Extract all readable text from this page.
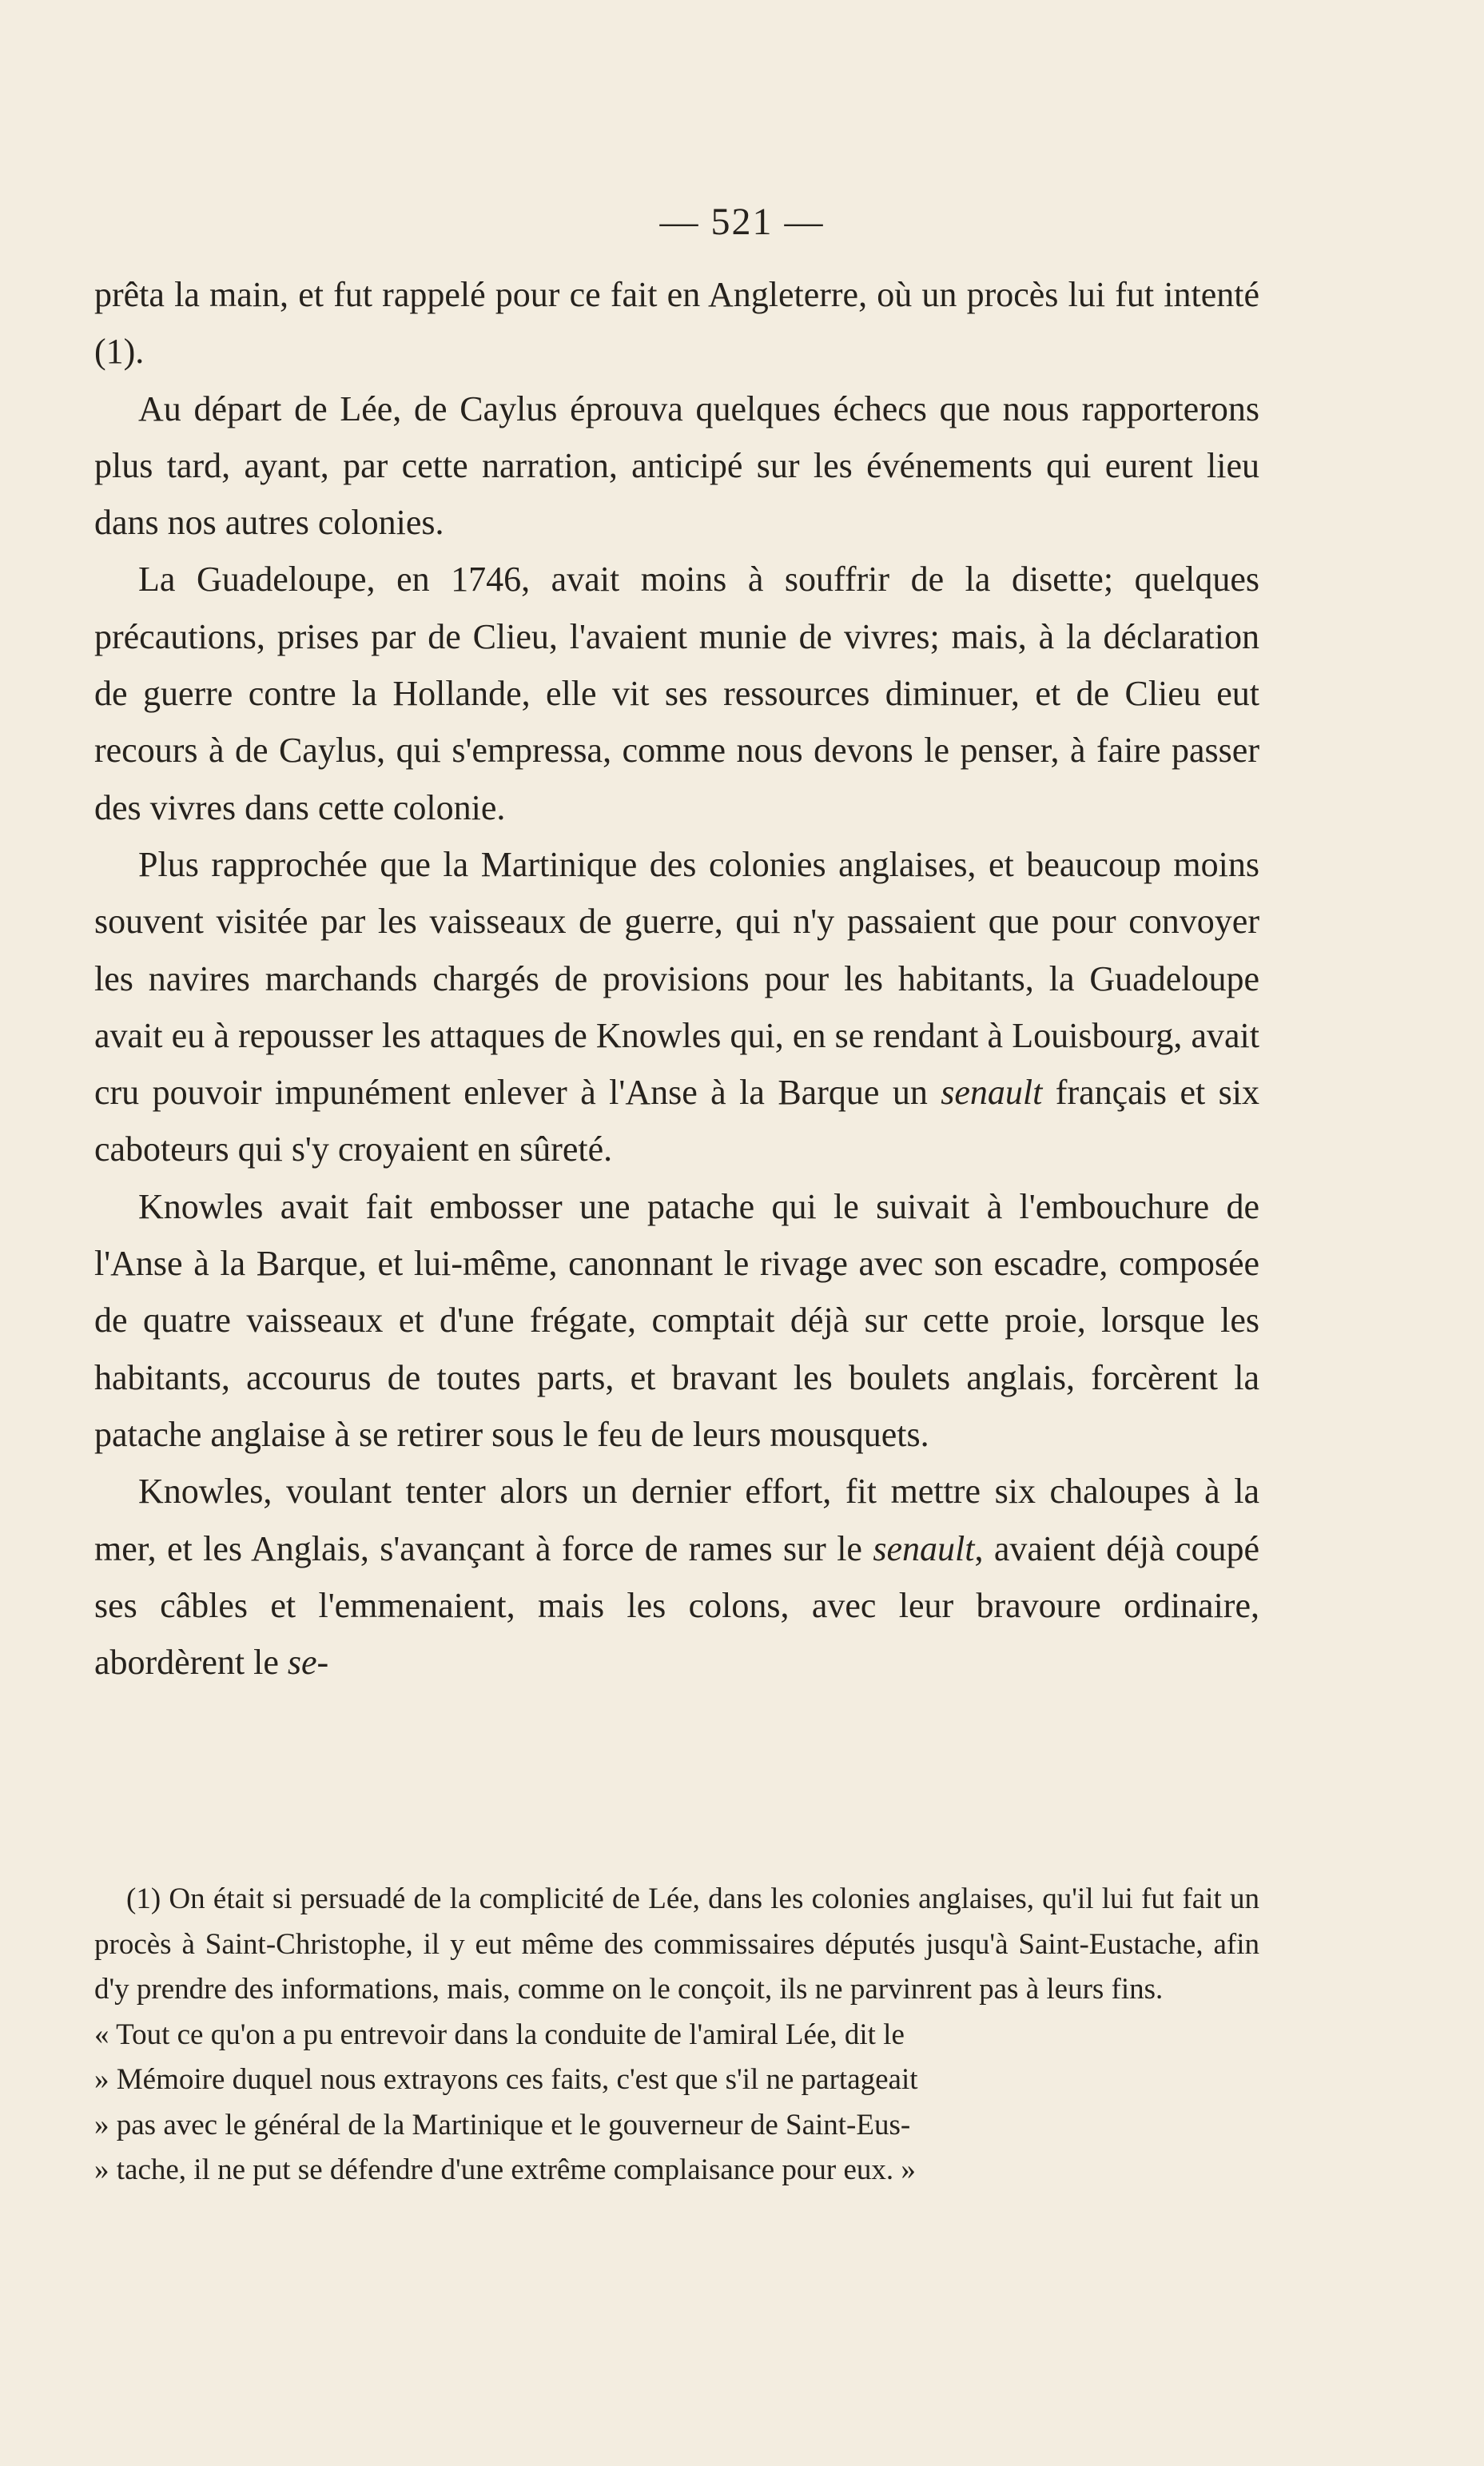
— 521 —

prêta la main, et fut rappelé pour ce fait en Angleterre, où un procès lui fut intenté (1).

Au départ de Lée, de Caylus éprouva quelques échecs que nous rapporterons plus tard, ayant, par cette narration, anticipé sur les événements qui eurent lieu dans nos autres colonies.

La Guadeloupe, en 1746, avait moins à souffrir de la disette; quelques précautions, prises par de Clieu, l'avaient munie de vivres; mais, à la déclaration de guerre contre la Hollande, elle vit ses ressources diminuer, et de Clieu eut recours à de Caylus, qui s'empressa, comme nous devons le penser, à faire passer des vivres dans cette colonie.

Plus rapprochée que la Martinique des colonies anglaises, et beaucoup moins souvent visitée par les vaisseaux de guerre, qui n'y passaient que pour convoyer les navires marchands chargés de provisions pour les habitants, la Guadeloupe avait eu à repousser les attaques de Knowles qui, en se rendant à Louisbourg, avait cru pouvoir impunément enlever à l'Anse à la Barque un senault français et six caboteurs qui s'y croyaient en sûreté.

Knowles avait fait embosser une patache qui le suivait à l'embouchure de l'Anse à la Barque, et lui-même, canonnant le rivage avec son escadre, composée de quatre vaisseaux et d'une frégate, comptait déjà sur cette proie, lorsque les habitants, accourus de toutes parts, et bravant les boulets anglais, forcèrent la patache anglaise à se retirer sous le feu de leurs mousquets.

Knowles, voulant tenter alors un dernier effort, fit mettre six chaloupes à la mer, et les Anglais, s'avançant à force de rames sur le senault, avaient déjà coupé ses câbles et l'emmenaient, mais les colons, avec leur bravoure ordinaire, abordèrent le se-

(1) On était si persuadé de la complicité de Lée, dans les colonies anglaises, qu'il lui fut fait un procès à Saint-Christophe, il y eut même des commissaires députés jusqu'à Saint-Eustache, afin d'y prendre des informations, mais, comme on le conçoit, ils ne parvinrent pas à leurs fins.

« Tout ce qu'on a pu entrevoir dans la conduite de l'amiral Lée, dit le
» Mémoire duquel nous extrayons ces faits, c'est que s'il ne partageait
» pas avec le général de la Martinique et le gouverneur de Saint-Eus-
» tache, il ne put se défendre d'une extrême complaisance pour eux. »
